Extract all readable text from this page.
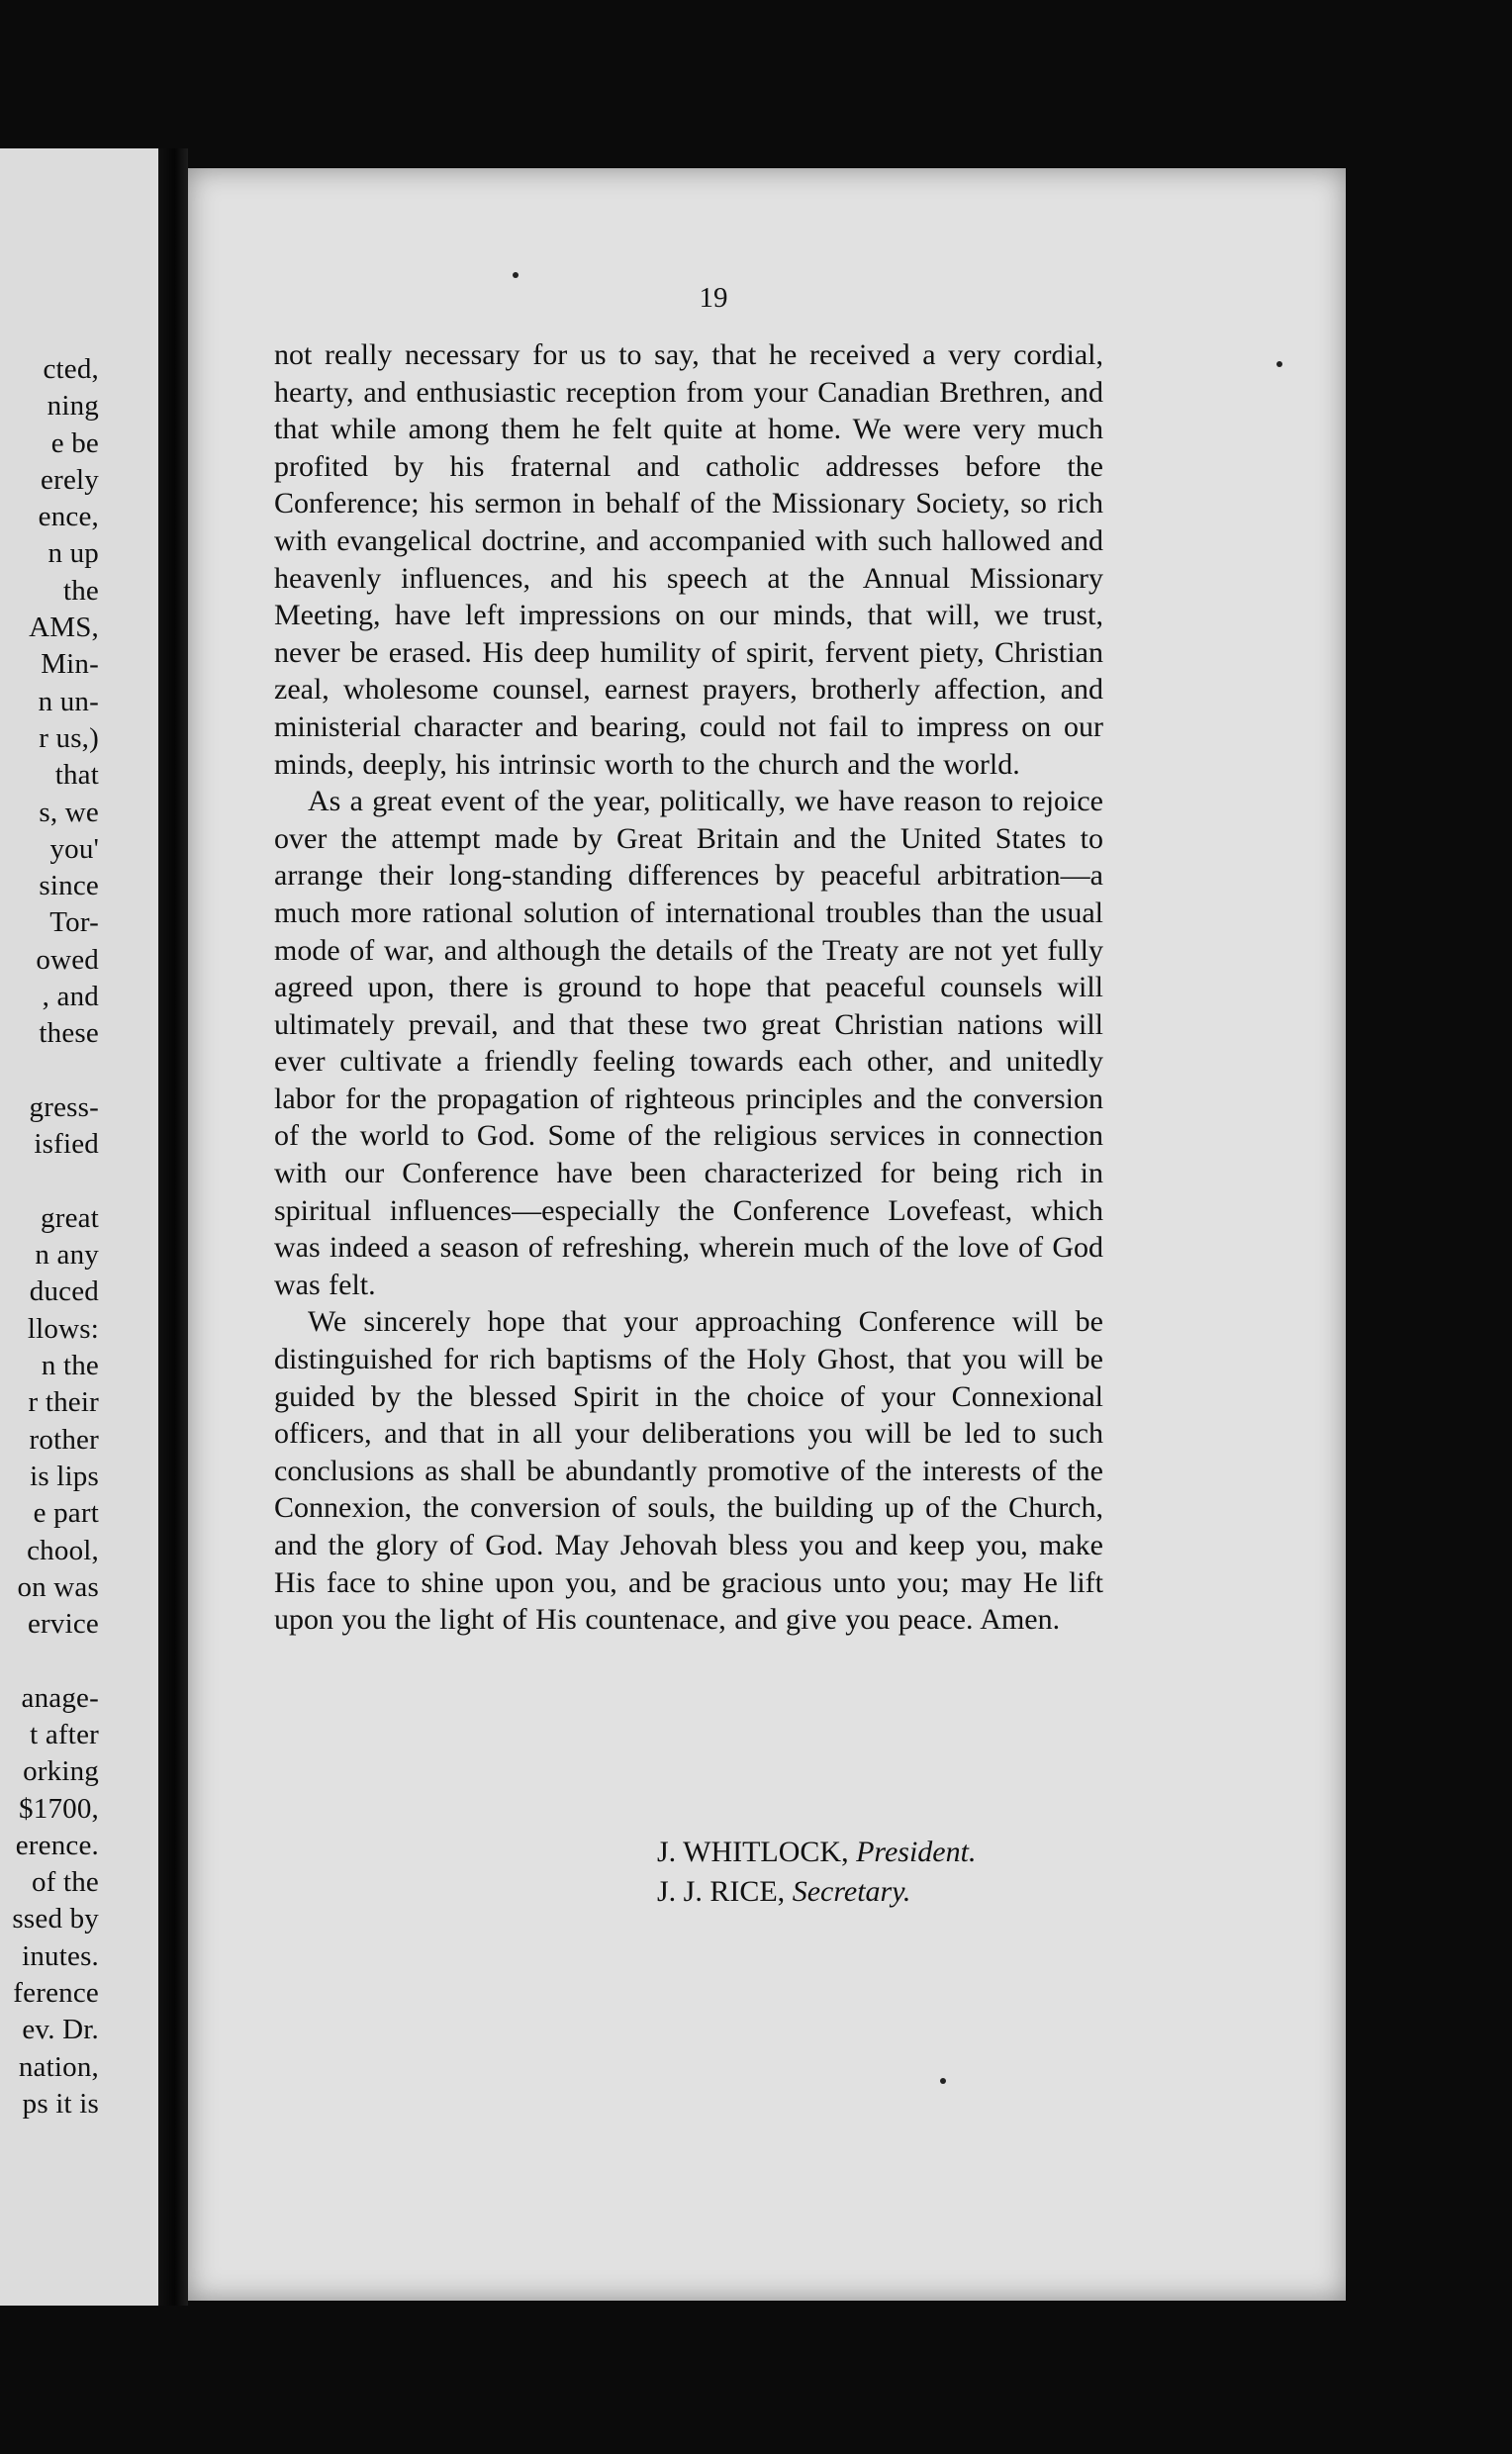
cted,
ning
e be
erely
ence,
n up
the
AMS,
Min-
n un-
r us,)
that
s, we
you'
since
Tor-
owed
, and
these

gress-
isfied

great
n any
duced
llows:
n the
r their
rother
is lips
e part
chool,
on was
ervice

anage-
t after
orking
$1700,
erence.
of the
ssed by
inutes.
ference
ev. Dr.
nation,
ps it is
19

not really necessary for us to say, that he received a very cordial, hearty, and enthusiastic reception from your Canadian Brethren, and that while among them he felt quite at home. We were very much profited by his fraternal and catholic addresses before the Conference; his sermon in behalf of the Missionary Society, so rich with evangelical doctrine, and accompanied with such hallowed and heavenly influences, and his speech at the Annual Missionary Meeting, have left impressions on our minds, that will, we trust, never be erased. His deep humility of spirit, fervent piety, Christian zeal, wholesome counsel, earnest prayers, brotherly affection, and ministerial character and bearing, could not fail to impress on our minds, deeply, his intrinsic worth to the church and the world.

As a great event of the year, politically, we have reason to rejoice over the attempt made by Great Britain and the United States to arrange their long-standing differences by peaceful arbitration—a much more rational solution of international troubles than the usual mode of war, and although the details of the Treaty are not yet fully agreed upon, there is ground to hope that peaceful counsels will ultimately prevail, and that these two great Christian nations will ever cultivate a friendly feeling towards each other, and unitedly labor for the propagation of righteous principles and the conversion of the world to God. Some of the religious services in connection with our Conference have been characterized for being rich in spiritual influences—especially the Conference Lovefeast, which was indeed a season of refreshing, wherein much of the love of God was felt.

We sincerely hope that your approaching Conference will be distinguished for rich baptisms of the Holy Ghost, that you will be guided by the blessed Spirit in the choice of your Connexional officers, and that in all your deliberations you will be led to such conclusions as shall be abundantly promotive of the interests of the Connexion, the conversion of souls, the building up of the Church, and the glory of God. May Jehovah bless you and keep you, make His face to shine upon you, and be gracious unto you; may He lift upon you the light of His countenace, and give you peace. Amen.

J. WHITLOCK, President.
J. J. RICE, Secretary.
